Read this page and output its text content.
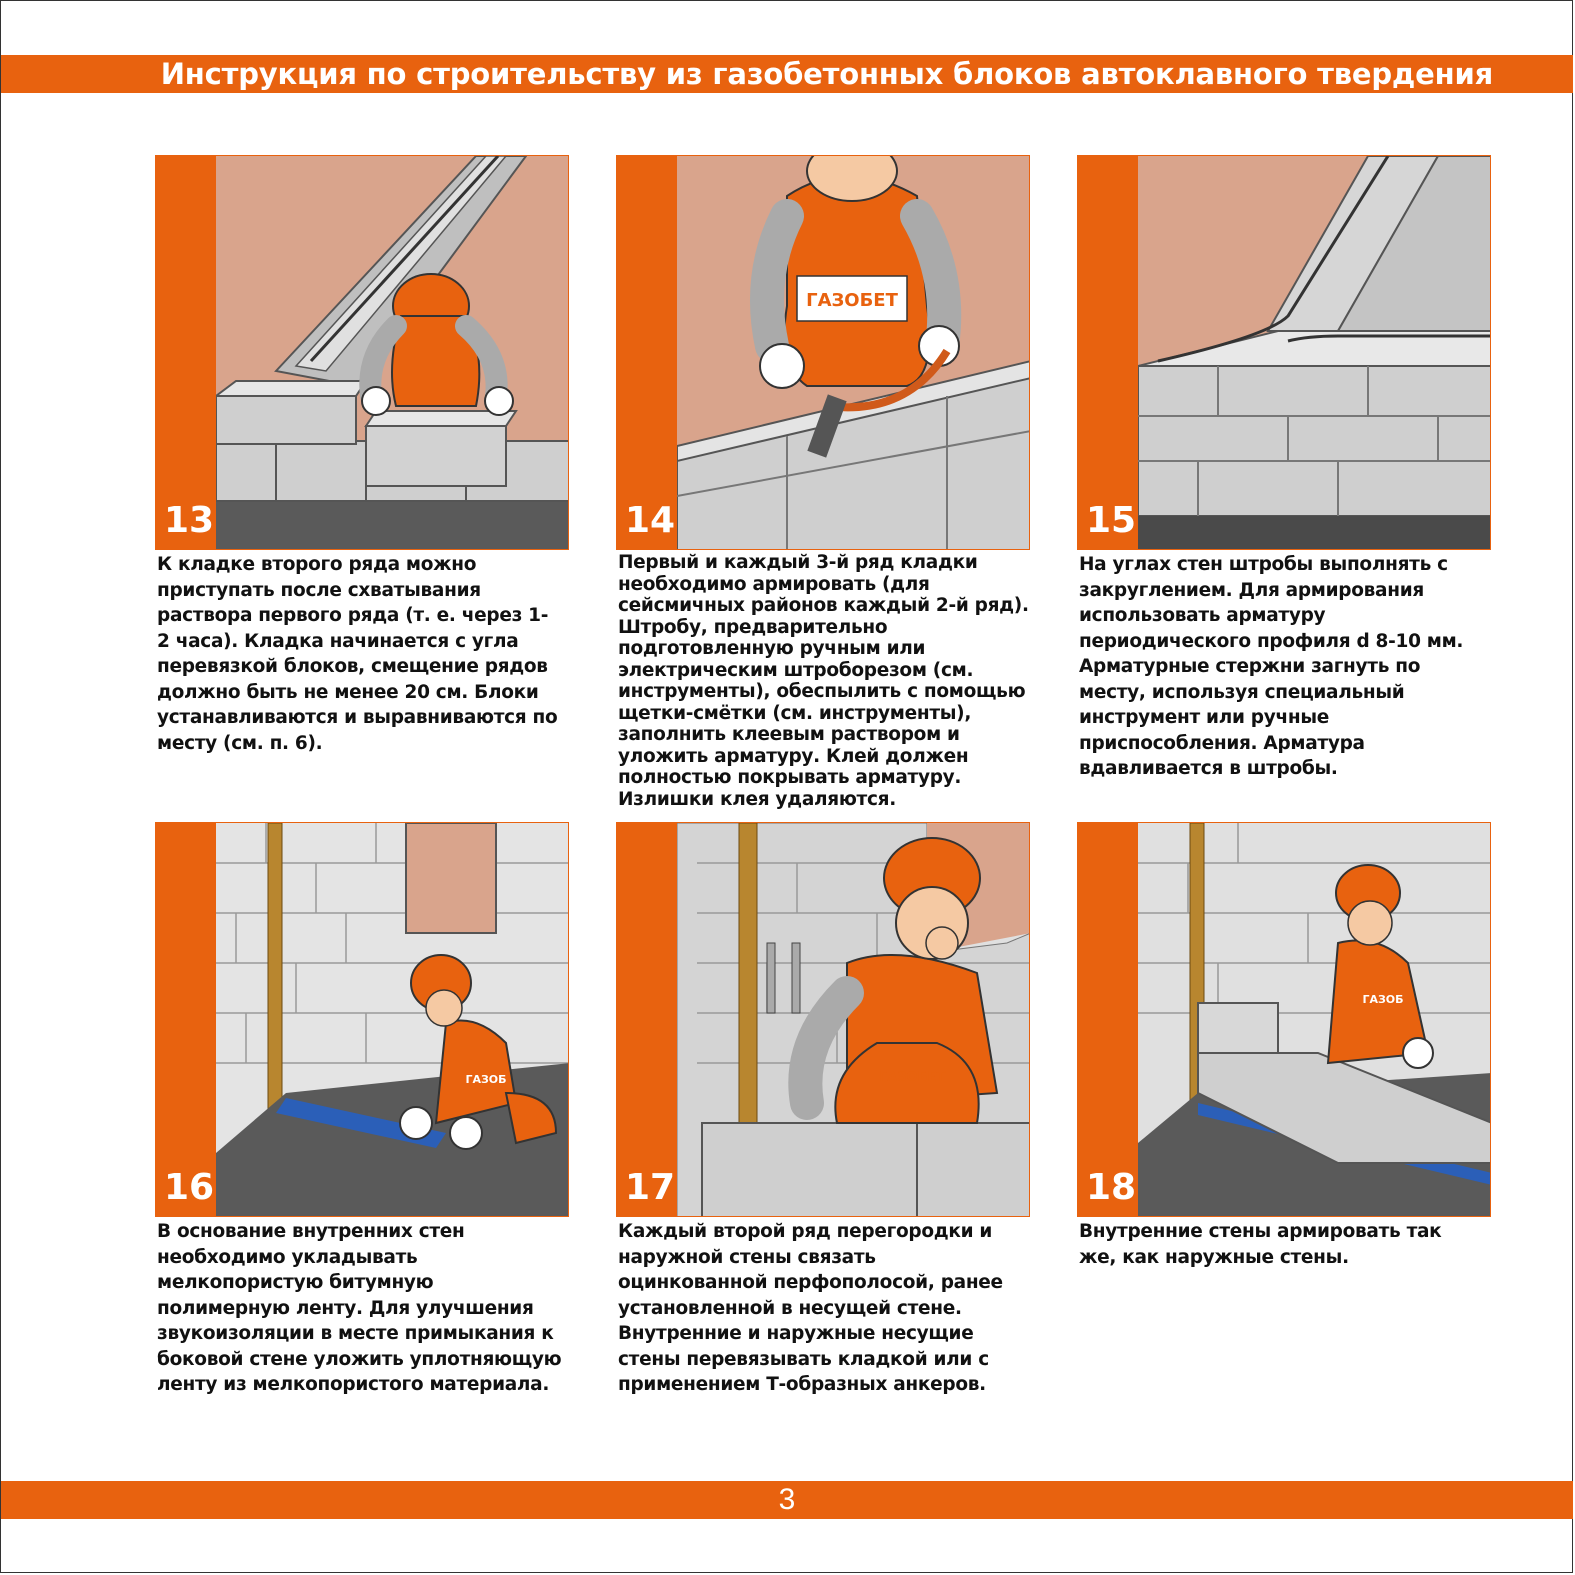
Инструкция по строительству из газобетонных блоков автоклавного твердения
13
ГАЗОБЕТ
14	15
ГАЗОБ
16
ГАЗОБЕТ
17
ГАЗОБ
18
К кладке второго ряда можно
приступать после схватывания
раствора первого ряда (т. е. через 1-
2 часа). Кладка начинается с угла
перевязкой блоков, смещение рядов
должно быть не менее 20 см. Блоки
устанавливаются и выравниваются по
месту (см. п. 6).
Первый и каждый 3-й ряд кладки
необходимо армировать (для
сейсмичных районов каждый 2-й ряд).
Штробу, предварительно
подготовленную ручным или
электрическим штроборезом (см.
инструменты), обеспылить с помощью
щетки-смётки (см. инструменты),
заполнить клеевым раствором и
уложить арматуру. Клей должен
полностью покрывать арматуру.
Излишки клея удаляются.
На углах стен штробы выполнять с
закруглением. Для армирования
использовать арматуру
периодического профиля d 8-10 мм.
Арматурные стержни загнуть по
месту, используя специальный
инструмент или ручные
приспособления. Арматура
вдавливается в штробы.
В основание внутренних стен
необходимо укладывать
мелкопористую битумную
полимерную ленту. Для улучшения
звукоизоляции в месте примыкания к
боковой стене уложить уплотняющую
ленту из мелкопористого материала.
Каждый второй ряд перегородки и
наружной стены связать
оцинкованной перфополосой, ранее
установленной в несущей стене.
Внутренние и наружные несущие
стены перевязывать кладкой или с
применением Т-образных анкеров.
Внутренние стены армировать так
же, как наружные стены.
3
